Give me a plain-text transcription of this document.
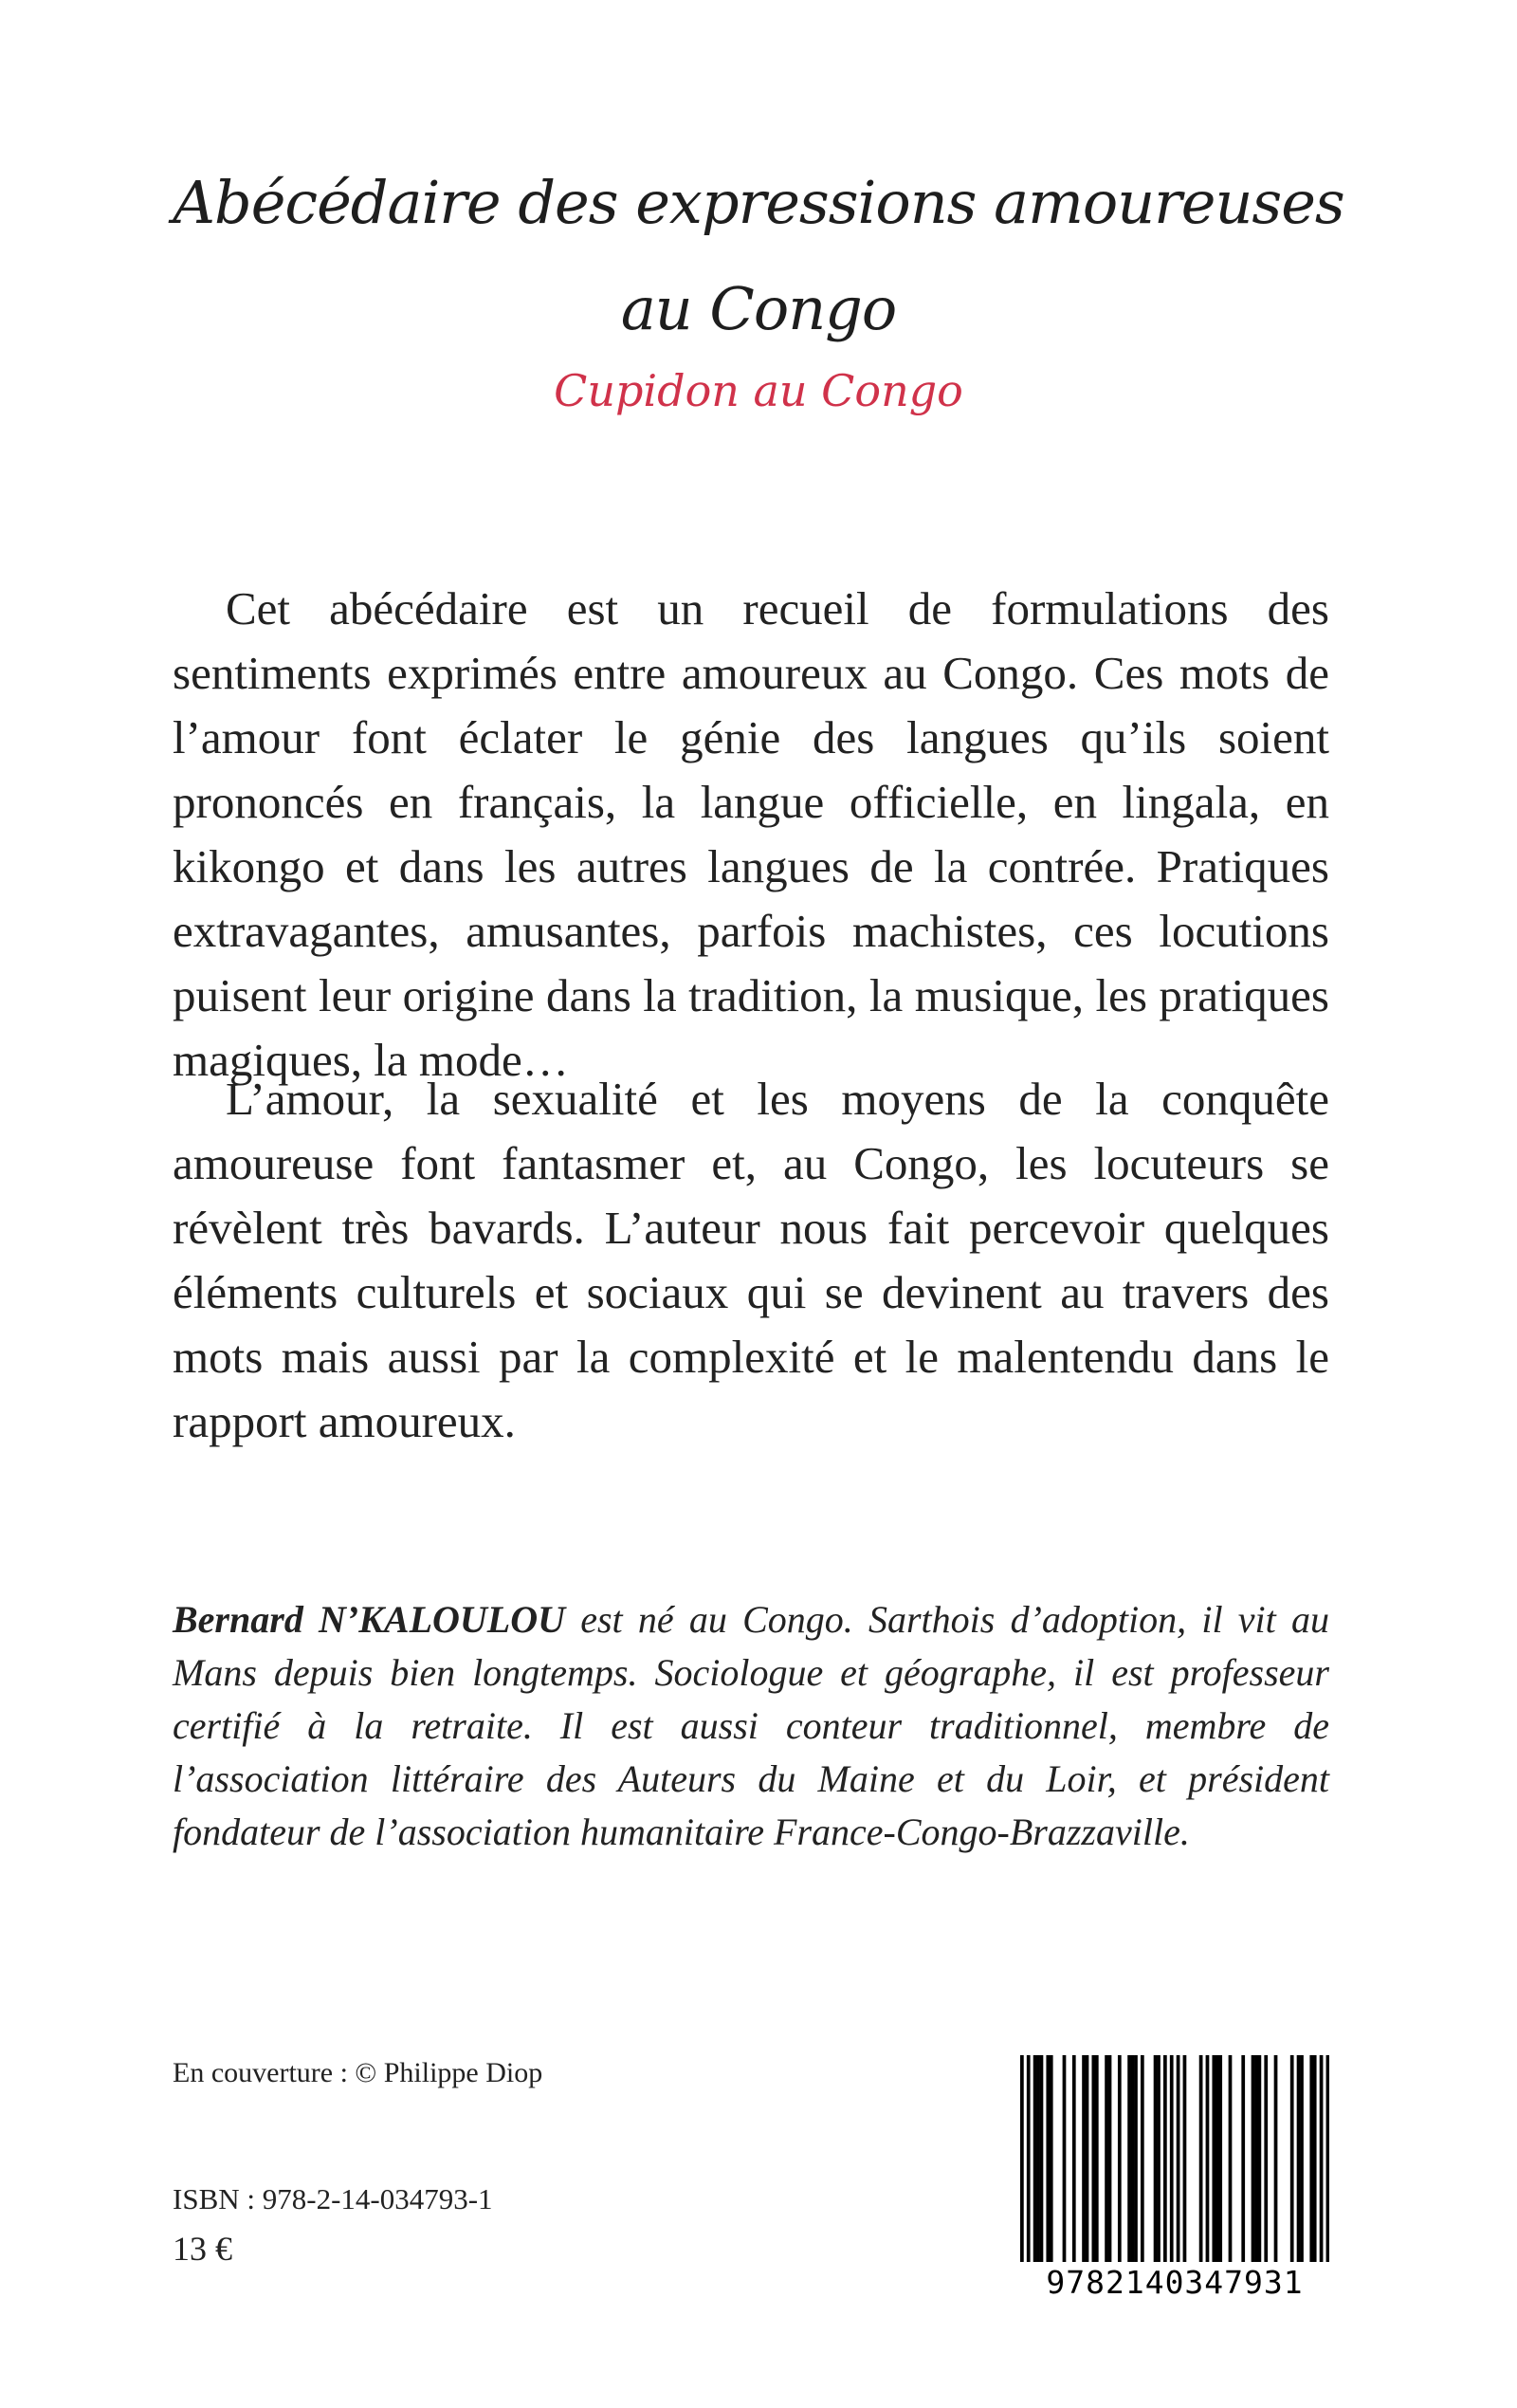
Abécédaire des expressions amoureuses
au Congo
Cupidon au Congo

Cet abécédaire est un recueil de formulations des sentiments exprimés entre amoureux au Congo. Ces mots de l’amour font éclater le génie des langues qu’ils soient prononcés en français, la langue officielle, en lingala, en kikongo et dans les autres langues de la contrée. Pratiques extravagantes, amusantes, parfois machistes, ces locutions puisent leur origine dans la tradition, la musique, les pratiques magiques, la mode…

L’amour, la sexualité et les moyens de la conquête amoureuse font fantasmer et, au Congo, les locuteurs se révèlent très bavards. L’auteur nous fait percevoir quelques éléments culturels et sociaux qui se devinent au travers des mots mais aussi par la complexité et le malentendu dans le rapport amoureux.

Bernard N’KALOULOU est né au Congo. Sarthois d’adoption, il vit au Mans depuis bien longtemps. Sociologue et géographe, il est professeur certifié à la retraite. Il est aussi conteur traditionnel, membre de l’association littéraire des Auteurs du Maine et du Loir, et président fondateur de l’association humanitaire France-Congo-Brazzaville.

En couverture : © Philippe Diop

ISBN : 978-2-14-034793-1

13 €

9782140347931
